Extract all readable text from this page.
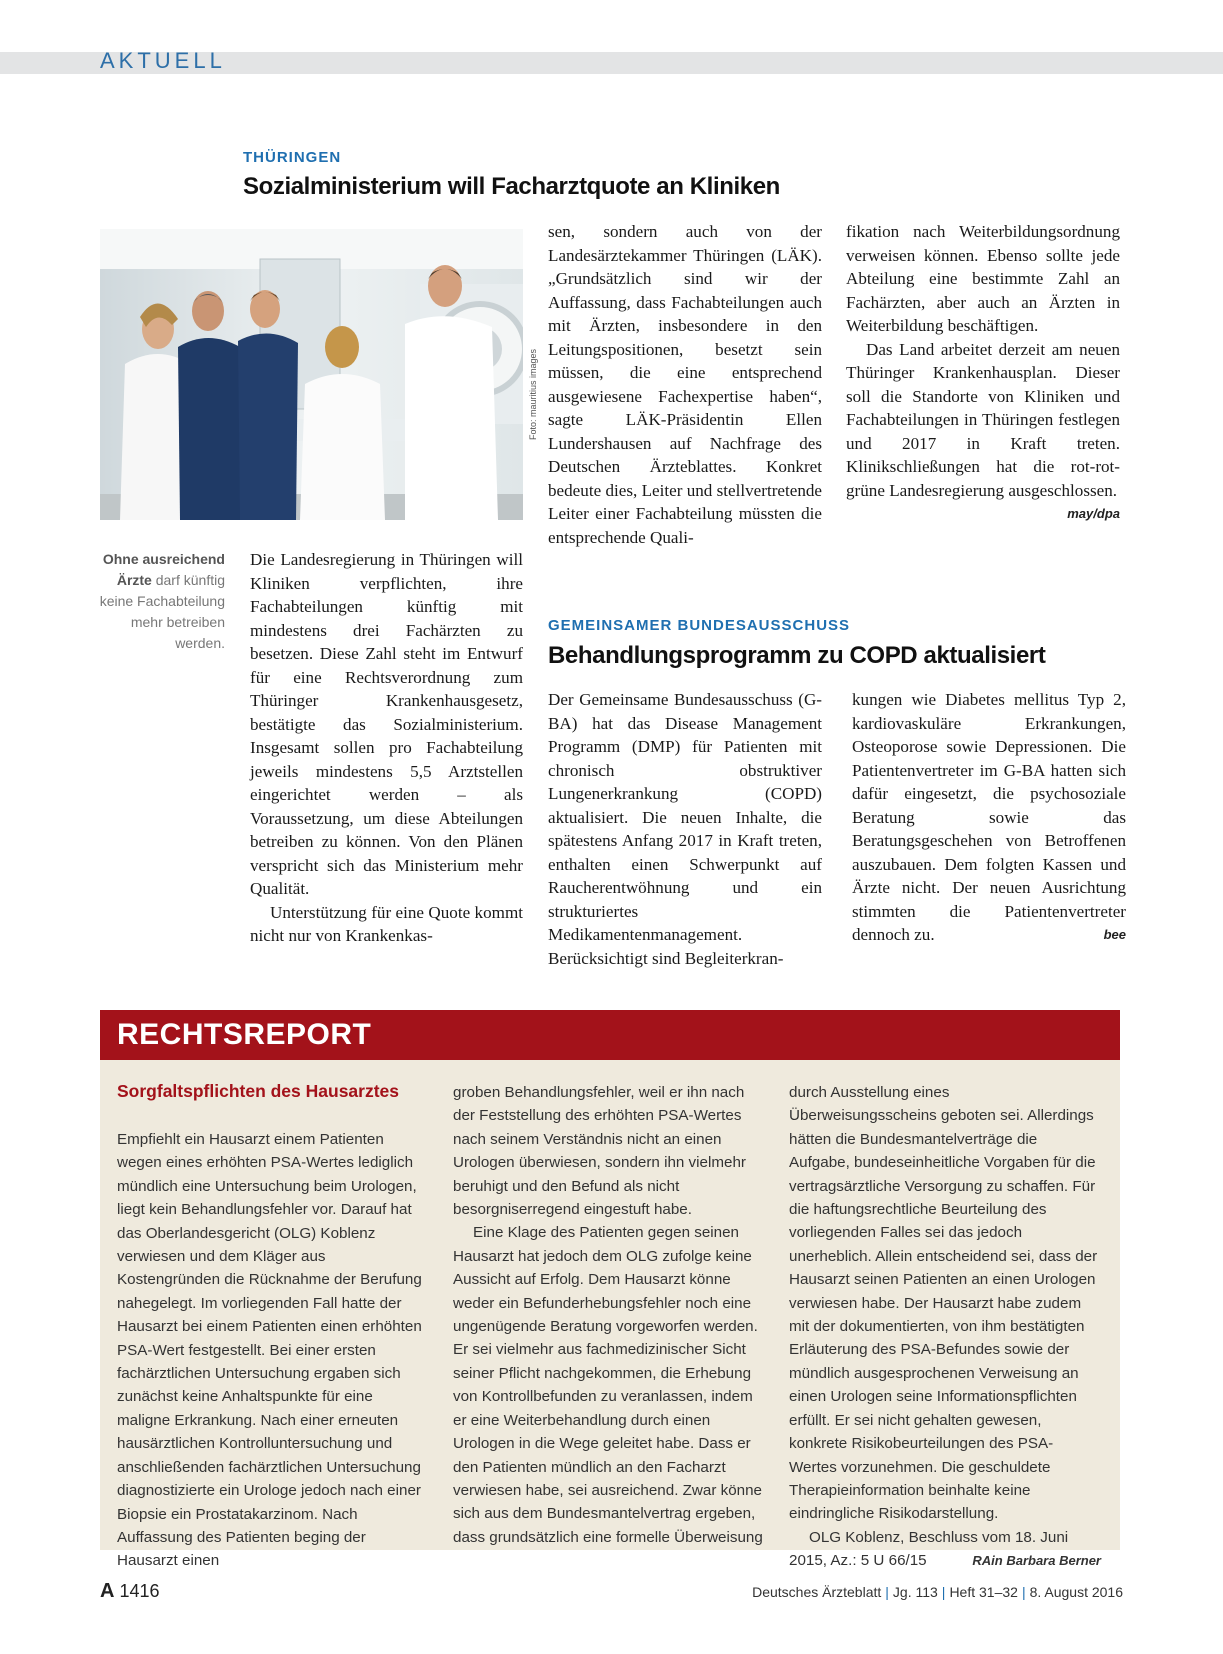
AKTUELL
THÜRINGEN
Sozialministerium will Facharztquote an Kliniken
Foto: mauritius images
Ohne ausreichend Ärzte darf künftig keine Fachabteilung mehr betreiben werden.

Die Landesregierung in Thüringen will Kliniken verpflichten, ihre Fachabteilungen künftig mit mindestens drei Fachärzten zu besetzen. Diese Zahl steht im Entwurf für eine Rechtsverordnung zum Thüringer Krankenhausgesetz, bestätigte das Sozialministerium. Insgesamt sollen pro Fachabteilung jeweils mindestens 5,5 Arztstellen eingerichtet werden – als Voraussetzung, um diese Abteilungen betreiben zu können. Von den Plänen verspricht sich das Ministerium mehr Qualität.

Unterstützung für eine Quote kommt nicht nur von Krankenkas-

sen, sondern auch von der Landesärztekammer Thüringen (LÄK). „Grundsätzlich sind wir der Auffassung, dass Fachabteilungen auch mit Ärzten, insbesondere in den Leitungspositionen, besetzt sein müssen, die eine entsprechend ausgewiesene Fachexpertise haben“, sagte LÄK-Präsidentin Ellen Lundershausen auf Nachfrage des Deutschen Ärzteblattes. Konkret bedeute dies, Leiter und stellvertretende Leiter einer Fachabteilung müssten die entsprechende Quali-

fikation nach Weiterbildungsordnung verweisen können. Ebenso sollte jede Abteilung eine bestimmte Zahl an Fachärzten, aber auch an Ärzten in Weiterbildung beschäftigen.

Das Land arbeitet derzeit am neuen Thüringer Krankenhausplan. Dieser soll die Standorte von Kliniken und Fachabteilungen in Thüringen festlegen und 2017 in Kraft treten. Klinikschließungen hat die rot-rot-grüne Landesregierung ausgeschlossen.
may/dpa

GEMEINSAMER BUNDESAUSSCHUSS
Behandlungsprogramm zu COPD aktualisiert

Der Gemeinsame Bundesausschuss (G-BA) hat das Disease Management Programm (DMP) für Patienten mit chronisch obstruktiver Lungenerkrankung (COPD) aktualisiert. Die neuen Inhalte, die spätestens Anfang 2017 in Kraft treten, enthalten einen Schwerpunkt auf Raucherentwöhnung und ein strukturiertes Medikamentenmanagement. Berücksichtigt sind Begleiterkran-

kungen wie Diabetes mellitus Typ 2, kardiovaskuläre Erkrankungen, Osteoporose sowie Depressionen. Die Patientenvertreter im G-BA hatten sich dafür eingesetzt, die psychosoziale Beratung sowie das Beratungsgeschehen von Betroffenen auszubauen. Dem folgten Kassen und Ärzte nicht. Der neuen Ausrichtung stimmten die Patientenvertreter dennoch zu.	bee

RECHTSREPORT
Sorgfaltspflichten des Hausarztes

Empfiehlt ein Hausarzt einem Patienten wegen eines erhöhten PSA-Wertes lediglich mündlich eine Untersuchung beim Urologen, liegt kein Behandlungsfehler vor. Darauf hat das Oberlandesgericht (OLG) Koblenz verwiesen und dem Kläger aus Kostengründen die Rücknahme der Berufung nahegelegt. Im vorliegenden Fall hatte der Hausarzt bei einem Patienten einen erhöhten PSA-Wert festgestellt. Bei einer ersten fachärztlichen Untersuchung ergaben sich zunächst keine Anhaltspunkte für eine maligne Erkrankung. Nach einer erneuten hausärztlichen Kontrolluntersuchung und anschließenden fachärztlichen Untersuchung diagnostizierte ein Urologe jedoch nach einer Biopsie ein Prostatakarzinom. Nach Auffassung des Patienten beging der Hausarzt einen

groben Behandlungsfehler, weil er ihn nach der Feststellung des erhöhten PSA-Wertes nach seinem Verständnis nicht an einen Urologen überwiesen, sondern ihn vielmehr beruhigt und den Befund als nicht besorgniserregend eingestuft habe.

Eine Klage des Patienten gegen seinen Hausarzt hat jedoch dem OLG zufolge keine Aussicht auf Erfolg. Dem Hausarzt könne weder ein Befunderhebungsfehler noch eine ungenügende Beratung vorgeworfen werden. Er sei vielmehr aus fachmedizinischer Sicht seiner Pflicht nachgekommen, die Erhebung von Kontrollbefunden zu veranlassen, indem er eine Weiterbehandlung durch einen Urologen in die Wege geleitet habe. Dass er den Patienten mündlich an den Facharzt verwiesen habe, sei ausreichend. Zwar könne sich aus dem Bundesmantelvertrag ergeben, dass grundsätzlich eine formelle Überweisung

durch Ausstellung eines Überweisungsscheins geboten sei. Allerdings hätten die Bundesmantelverträge die Aufgabe, bundeseinheitliche Vorgaben für die vertragsärztliche Versorgung zu schaffen. Für die haftungsrechtliche Beurteilung des vorliegenden Falles sei das jedoch unerheblich. Allein entscheidend sei, dass der Hausarzt seinen Patienten an einen Urologen verwiesen habe. Der Hausarzt habe zudem mit der dokumentierten, von ihm bestätigten Erläuterung des PSA-Befundes sowie der mündlich ausgesprochenen Verweisung an einen Urologen seine Informationspflichten erfüllt. Er sei nicht gehalten gewesen, konkrete Risikobeurteilungen des PSA-Wertes vorzunehmen. Die geschuldete Therapieinformation beinhalte keine eindringliche Risikodarstellung.

OLG Koblenz, Beschluss vom 18. Juni 2015, Az.: 5 U 66/15	RAin Barbara Berner

A 1416	Deutsches Ärzteblatt | Jg. 113 | Heft 31–32 | 8. August 2016
